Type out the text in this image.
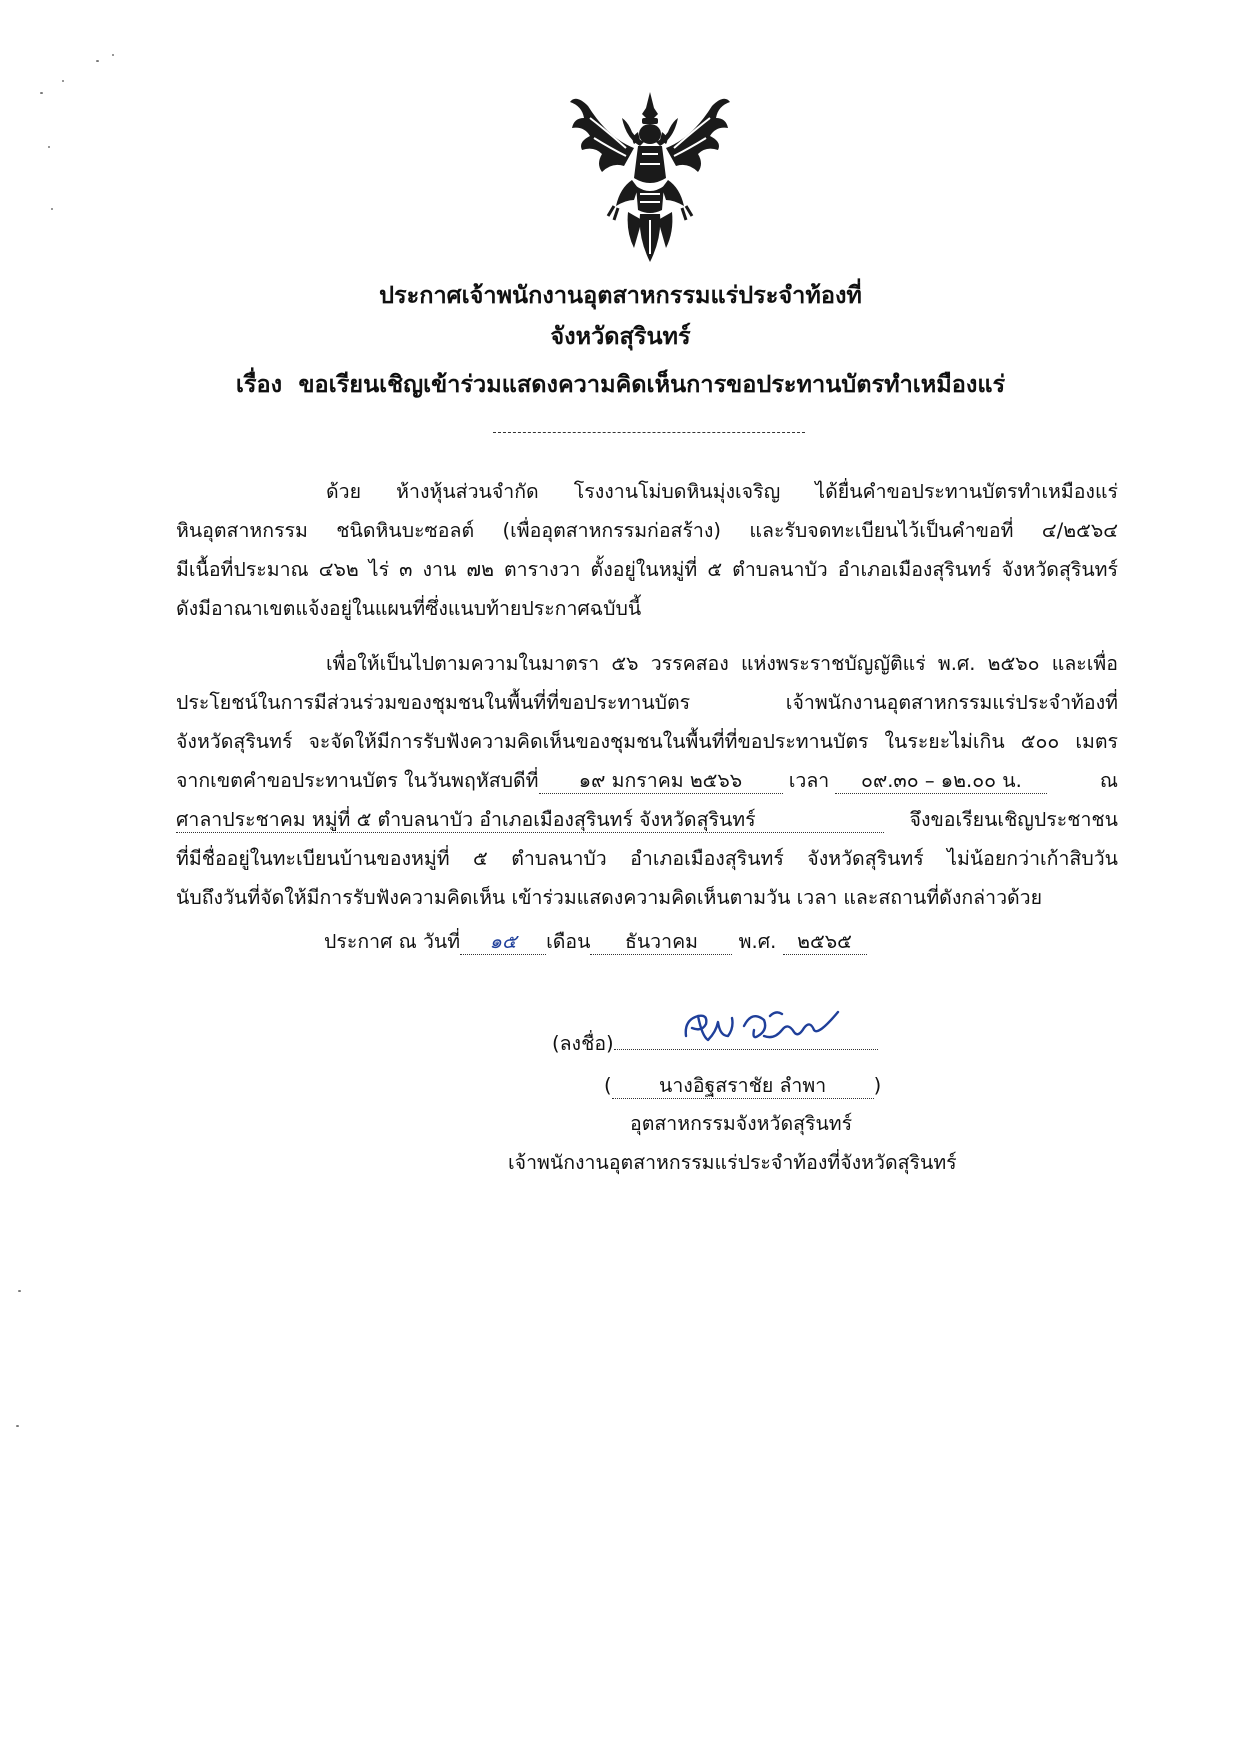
ประกาศเจ้าพนักงานอุตสาหกรรมแร่ประจำท้องที่
จังหวัดสุรินทร์
เรื่อง ขอเรียนเชิญเข้าร่วมแสดงความคิดเห็นการขอประทานบัตรทำเหมืองแร่
ด้วย ห้างหุ้นส่วนจำกัด โรงงานโม่บดหินมุ่งเจริญ ได้ยื่นคำขอประทานบัตรทำเหมืองแร่
หินอุตสาหกรรม ชนิดหินบะซอลต์ (เพื่ออุตสาหกรรมก่อสร้าง) และรับจดทะเบียนไว้เป็นคำขอที่ ๔/๒๕๖๔
มีเนื้อที่ประมาณ ๔๖๒ ไร่ ๓ งาน ๗๒ ตารางวา ตั้งอยู่ในหมู่ที่ ๕ ตำบลนาบัว อำเภอเมืองสุรินทร์ จังหวัดสุรินทร์
ดังมีอาณาเขตแจ้งอยู่ในแผนที่ซึ่งแนบท้ายประกาศฉบับนี้
เพื่อให้เป็นไปตามความในมาตรา ๕๖ วรรคสอง แห่งพระราชบัญญัติแร่ พ.ศ. ๒๕๖๐ และเพื่อ
ประโยชน์ในการมีส่วนร่วมของชุมชนในพื้นที่ที่ขอประทานบัตร เจ้าพนักงานอุตสาหกรรมแร่ประจำท้องที่
จังหวัดสุรินทร์ จะจัดให้มีการรับฟังความคิดเห็นของชุมชนในพื้นที่ที่ขอประทานบัตร ในระยะไม่เกิน ๕๐๐ เมตร
จากเขตคำขอประทานบัตร ในวันพฤหัสบดีที่ ๑๙ มกราคม ๒๕๖๖ เวลา ๐๙.๓๐ – ๑๒.๐๐ น.	ณ
ศาลาประชาคม หมู่ที่ ๕ ตำบลนาบัว อำเภอเมืองสุรินทร์ จังหวัดสุรินทร์	จึงขอเรียนเชิญประชาชน
ที่มีชื่ออยู่ในทะเบียนบ้านของหมู่ที่ ๕ ตำบลนาบัว อำเภอเมืองสุรินทร์ จังหวัดสุรินทร์ ไม่น้อยกว่าเก้าสิบวัน
นับถึงวันที่จัดให้มีการรับฟังความคิดเห็น เข้าร่วมแสดงความคิดเห็นตามวัน เวลา และสถานที่ดังกล่าวด้วย
ประกาศ ณ วันที่ ๑๕ เดือน ธันวาคม พ.ศ. ๒๕๖๕
(ลงชื่อ)
( นางอิฐสราชัย ลำพา )
อุตสาหกรรมจังหวัดสุรินทร์
เจ้าพนักงานอุตสาหกรรมแร่ประจำท้องที่จังหวัดสุรินทร์
